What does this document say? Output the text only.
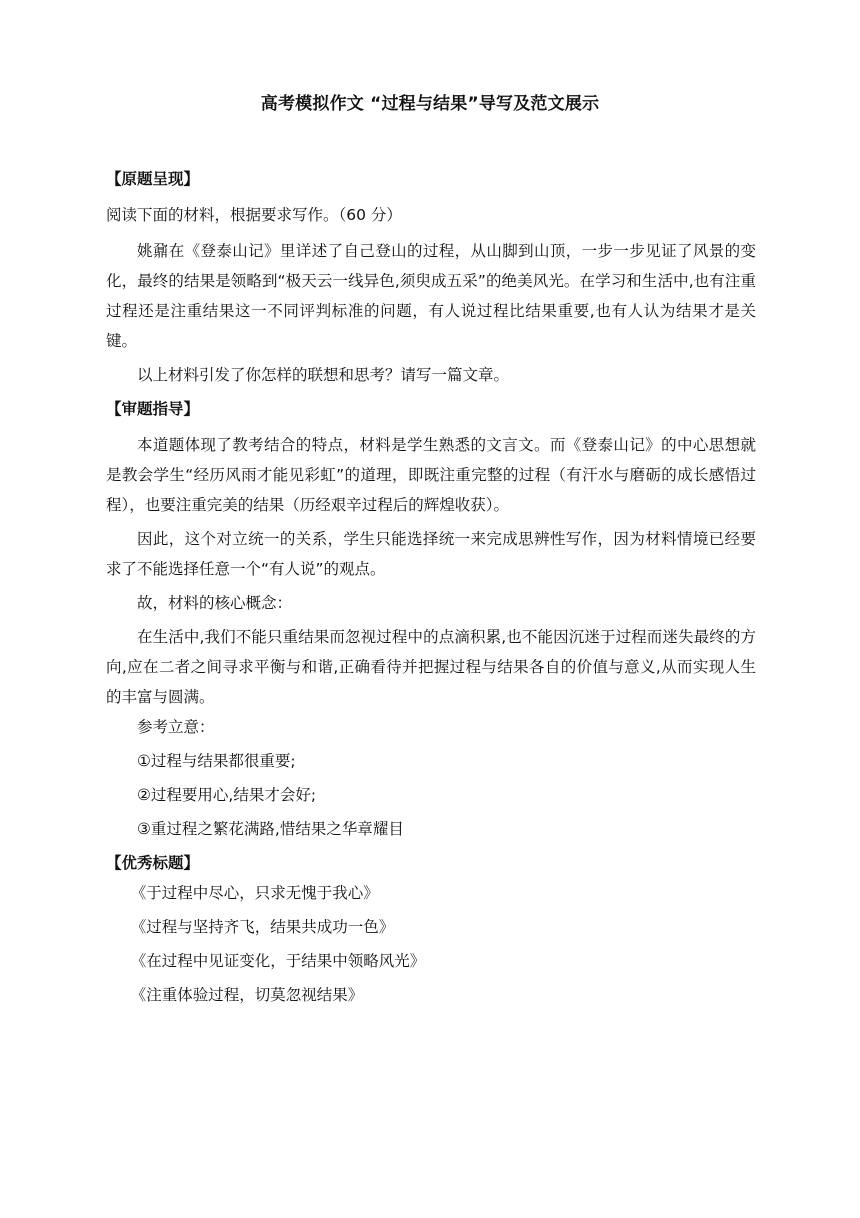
高考模拟作文 “过程与结果”导写及范文展示
【原题呈现】
阅读下面的材料，根据要求写作。（60 分）

姚鼐在《登泰山记》里详述了自己登山的过程，从山脚到山顶，一步一步见证了风景的变化，最终的结果是领略到“极天云一线异色,须臾成五采”的绝美风光。在学习和生活中,也有注重过程还是注重结果这一不同评判标准的问题，有人说过程比结果重要,也有人认为结果才是关键。

以上材料引发了你怎样的联想和思考？请写一篇文章。

【审题指导】

本道题体现了教考结合的特点，材料是学生熟悉的文言文。而《登泰山记》的中心思想就是教会学生“经历风雨才能见彩虹”的道理，即既注重完整的过程（有汗水与磨砺的成长感悟过程），也要注重完美的结果（历经艰辛过程后的辉煌收获）。

因此，这个对立统一的关系，学生只能选择统一来完成思辨性写作，因为材料情境已经要求了不能选择任意一个“有人说”的观点。

故，材料的核心概念：

在生活中,我们不能只重结果而忽视过程中的点滴积累,也不能因沉迷于过程而迷失最终的方向,应在二者之间寻求平衡与和谐,正确看待并把握过程与结果各自的价值与意义,从而实现人生的丰富与圆满。

参考立意：
①过程与结果都很重要;
②过程要用心,结果才会好;
③重过程之繁花满路,惜结果之华章耀目
【优秀标题】
《于过程中尽心，只求无愧于我心》
《过程与坚持齐飞，结果共成功一色》
《在过程中见证变化，于结果中领略风光》
《注重体验过程，切莫忽视结果》
